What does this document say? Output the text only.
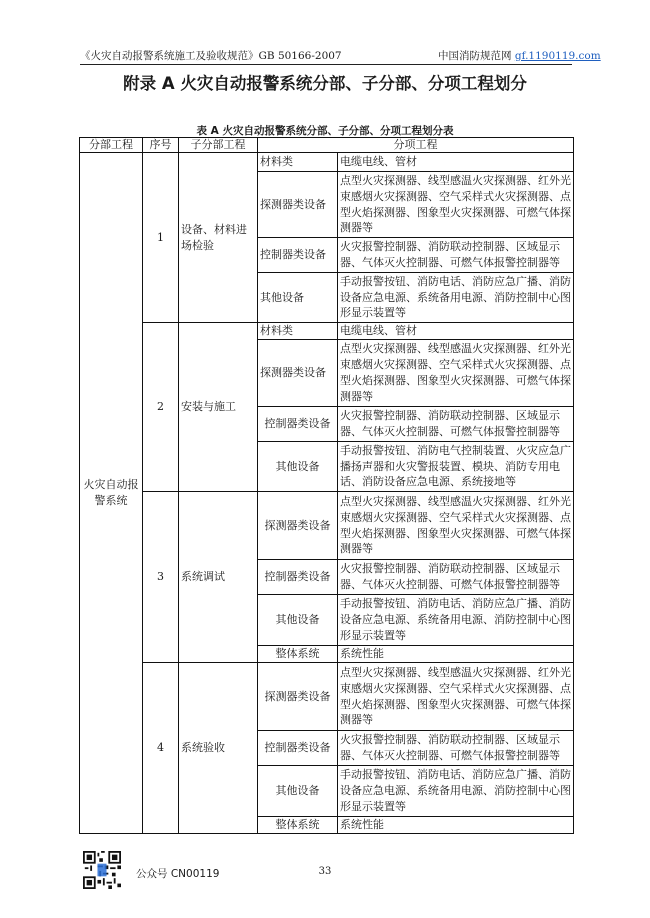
《火灾自动报警系统施工及验收规范》GB 50166-2007	中国消防规范网 gf.1190119.com
附录 A 火灾自动报警系统分部、子分部、分项工程划分
表 A 火灾自动报警系统分部、子分部、分项工程划分表
分部工程	序号	子分部工程	分项工程	
火灾自动报警系统	1	设备、材料进场检验	材料类	电缆电线、管材
			探测器类设备	点型火灾探测器、线型感温火灾探测器、红外光束感烟火灾探测器、空气采样式火灾探测器、点型火焰探测器、图象型火灾探测器、可燃气体探测器等
			控制器类设备	火灾报警控制器、消防联动控制器、区域显示器、气体灭火控制器、可燃气体报警控制器等
			其他设备	手动报警按钮、消防电话、消防应急广播、消防设备应急电源、系统备用电源、消防控制中心图形显示装置等
	2	安装与施工	材料类	电缆电线、管材
			探测器类设备	点型火灾探测器、线型感温火灾探测器、红外光束感烟火灾探测器、空气采样式火灾探测器、点型火焰探测器、图象型火灾探测器、可燃气体探测器等
			控制器类设备	火灾报警控制器、消防联动控制器、区域显示器、气体灭火控制器、可燃气体报警控制器等
			其他设备	手动报警按钮、消防电气控制装置、火灾应急广播扬声器和火灾警报装置、模块、消防专用电话、消防设备应急电源、系统接地等
	3	系统调试	探测器类设备	点型火灾探测器、线型感温火灾探测器、红外光束感烟火灾探测器、空气采样式火灾探测器、点型火焰探测器、图象型火灾探测器、可燃气体探测器等
			控制器类设备	火灾报警控制器、消防联动控制器、区域显示器、气体灭火控制器、可燃气体报警控制器等
			其他设备	手动报警按钮、消防电话、消防应急广播、消防设备应急电源、系统备用电源、消防控制中心图形显示装置等
			整体系统	系统性能
	4	系统验收	探测器类设备	点型火灾探测器、线型感温火灾探测器、红外光束感烟火灾探测器、空气采样式火灾探测器、点型火焰探测器、图象型火灾探测器、可燃气体探测器等
			控制器类设备	火灾报警控制器、消防联动控制器、区域显示器、气体灭火控制器、可燃气体报警控制器等
			其他设备	手动报警按钮、消防电话、消防应急广播、消防设备应急电源、系统备用电源、消防控制中心图形显示装置等
			整体系统	系统性能
公众号 CN00119	33
